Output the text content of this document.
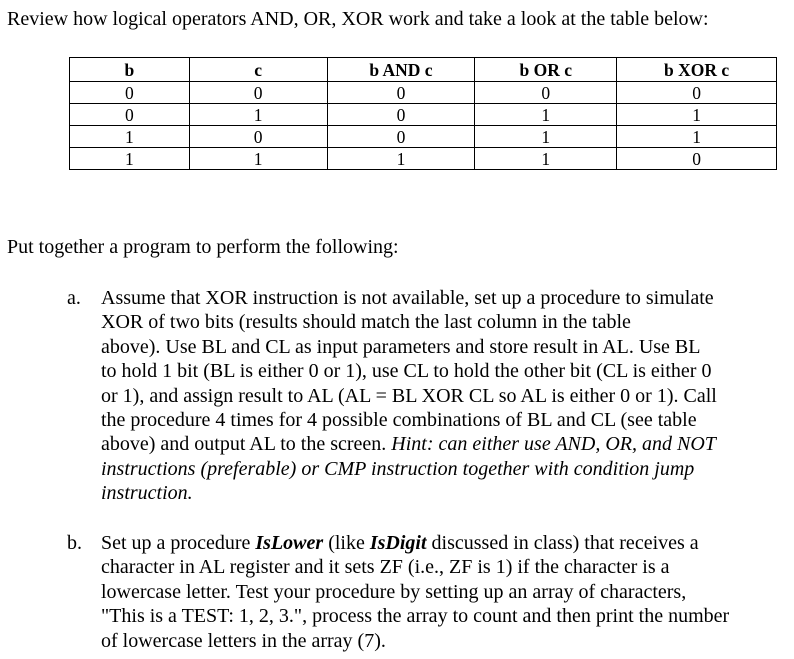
Review how logical operators AND, OR, XOR work and take a look at the table below:
b	c	b AND c	b OR c	b XOR c
0	0	0	0	0
0	1	0	1	1
1	0	0	1	1
1	1	1	1	0
Put together a program to perform the following:
a. Assume that XOR instruction is not available, set up a procedure to simulate
XOR of two bits (results should match the last column in the table
above). Use BL and CL as input parameters and store result in AL. Use BL
to hold 1 bit (BL is either 0 or 1), use CL to hold the other bit (CL is either 0
or 1), and assign result to AL (AL = BL XOR CL so AL is either 0 or 1). Call
the procedure 4 times for 4 possible combinations of BL and CL (see table
above) and output AL to the screen. Hint: can either use AND, OR, and NOT
instructions (preferable) or CMP instruction together with condition jump
instruction.
b. Set up a procedure IsLower (like IsDigit discussed in class) that receives a
character in AL register and it sets ZF (i.e., ZF is 1) if the character is a
lowercase letter. Test your procedure by setting up an array of characters,
"This is a TEST: 1, 2, 3.", process the array to count and then print the number
of lowercase letters in the array (7).
